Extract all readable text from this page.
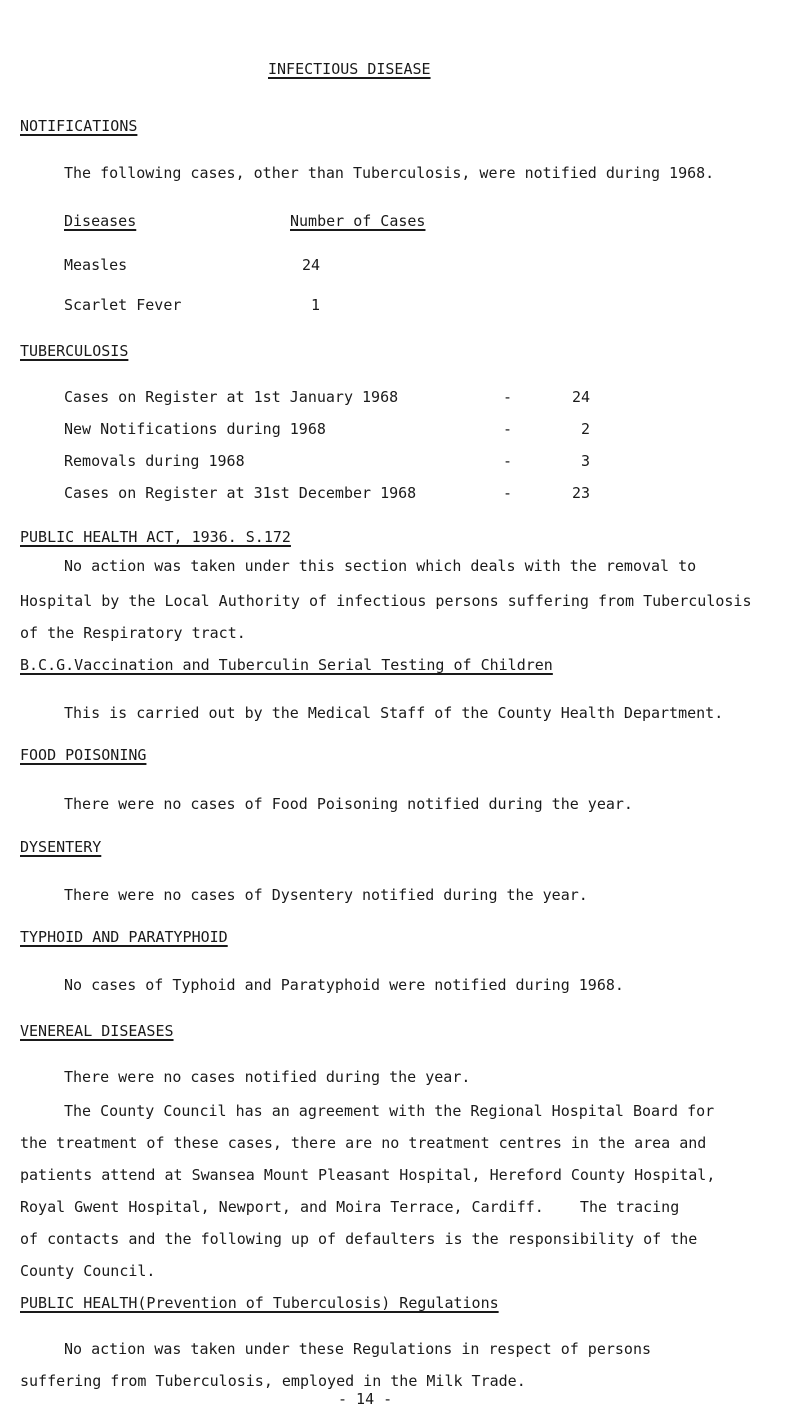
INFECTIOUS DISEASE
NOTIFICATIONS
The following cases, other than Tuberculosis, were notified during 1968.
Diseases	Number of Cases
Measles	24
Scarlet Fever	1
TUBERCULOSIS
Cases on Register at 1st January 1968	-	24
New Notifications during 1968	-	2
Removals during 1968	-	3
Cases on Register at 31st December 1968	-	23
PUBLIC HEALTH ACT, 1936. S.172
No action was taken under this section which deals with the removal to
Hospital by the Local Authority of infectious persons suffering from Tuberculosis
of the Respiratory tract.
B.C.G.Vaccination and Tuberculin Serial Testing of Children
This is carried out by the Medical Staff of the County Health Department.
FOOD POISONING
There were no cases of Food Poisoning notified during the year.
DYSENTERY
There were no cases of Dysentery notified during the year.
TYPHOID AND PARATYPHOID
No cases of Typhoid and Paratyphoid were notified during 1968.
VENEREAL DISEASES
There were no cases notified during the year.
The County Council has an agreement with the Regional Hospital Board for
the treatment of these cases, there are no treatment centres in the area and
patients attend at Swansea Mount Pleasant Hospital, Hereford County Hospital,
Royal Gwent Hospital, Newport, and Moira Terrace, Cardiff.    The tracing
of contacts and the following up of defaulters is the responsibility of the
County Council.
PUBLIC HEALTH(Prevention of Tuberculosis) Regulations
No action was taken under these Regulations in respect of persons
suffering from Tuberculosis, employed in the Milk Trade.
- 14 -
